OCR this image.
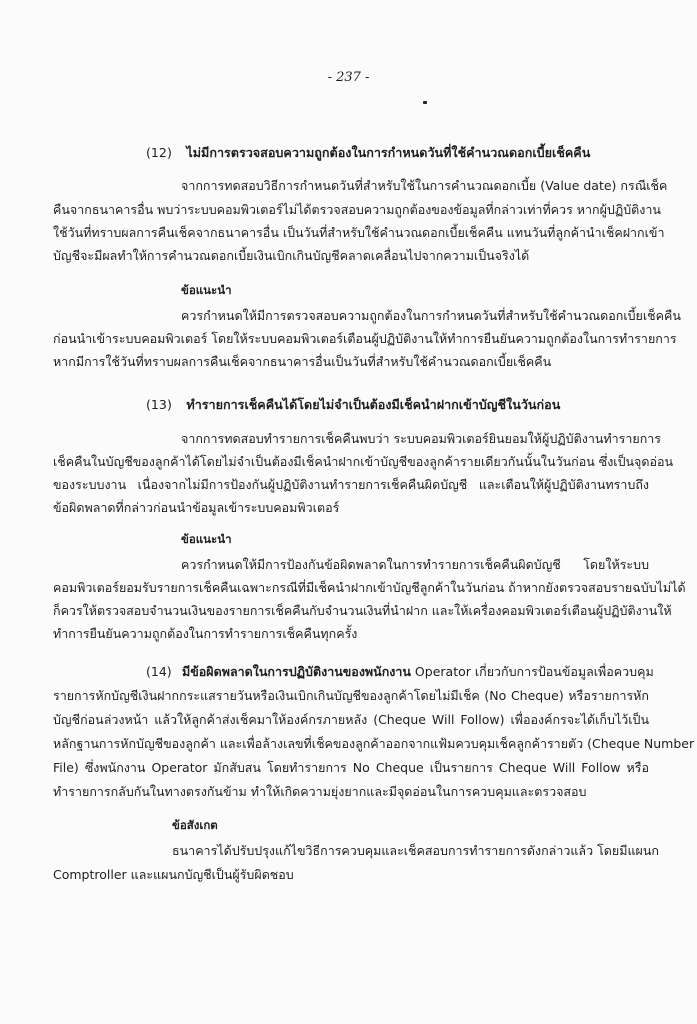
- 237 -
(12) ไม่มีการตรวจสอบความถูกต้องในการกำหนดวันที่ใช้คำนวณดอกเบี้ยเช็คคืน
จากการทดสอบวิธีการกำหนดวันที่สำหรับใช้ในการคำนวณดอกเบี้ย (Value date) กรณีเช็ค
คืนจากธนาคารอื่น พบว่าระบบคอมพิวเตอร์ไม่ได้ตรวจสอบความถูกต้องของข้อมูลที่กล่าวเท่าที่ควร หากผู้ปฏิบัติงาน
ใช้วันที่ทราบผลการคืนเช็คจากธนาคารอื่น เป็นวันที่สำหรับใช้คำนวณดอกเบี้ยเช็คคืน แทนวันที่ลูกค้านำเช็คฝากเข้า
บัญชีจะมีผลทำให้การคำนวณดอกเบี้ยเงินเบิกเกินบัญชีคลาดเคลื่อนไปจากความเป็นจริงได้
ข้อแนะนำ
ควรกำหนดให้มีการตรวจสอบความถูกต้องในการกำหนดวันที่สำหรับใช้คำนวณดอกเบี้ยเช็คคืน
ก่อนนำเข้าระบบคอมพิวเตอร์ โดยให้ระบบคอมพิวเตอร์เตือนผู้ปฏิบัติงานให้ทำการยืนยันความถูกต้องในการทำรายการ
หากมีการใช้วันที่ทราบผลการคืนเช็คจากธนาคารอื่นเป็นวันที่สำหรับใช้คำนวณดอกเบี้ยเช็คคืน
(13) ทำรายการเช็คคืนได้โดยไม่จำเป็นต้องมีเช็คนำฝากเข้าบัญชีในวันก่อน
จากการทดสอบทำรายการเช็คคืนพบว่า ระบบคอมพิวเตอร์ยินยอมให้ผู้ปฏิบัติงานทำรายการ
เช็คคืนในบัญชีของลูกค้าได้โดยไม่จำเป็นต้องมีเช็คนำฝากเข้าบัญชีของลูกค้ารายเดียวกันนั้นในวันก่อน ซึ่งเป็นจุดอ่อน
ของระบบงาน เนื่องจากไม่มีการป้องกันผู้ปฏิบัติงานทำรายการเช็คคืนผิดบัญชี และเตือนให้ผู้ปฏิบัติงานทราบถึง
ข้อผิดพลาดที่กล่าวก่อนนำข้อมูลเข้าระบบคอมพิวเตอร์
ข้อแนะนำ
ควรกำหนดให้มีการป้องกันข้อผิดพลาดในการทำรายการเช็คคืนผิดบัญชี โดยให้ระบบ
คอมพิวเตอร์ยอมรับรายการเช็คคืนเฉพาะกรณีที่มีเช็คนำฝากเข้าบัญชีลูกค้าในวันก่อน ถ้าหากยังตรวจสอบรายฉบับไม่ได้
ก็ควรให้ตรวจสอบจำนวนเงินของรายการเช็คคืนกับจำนวนเงินที่นำฝาก และให้เครื่องคอมพิวเตอร์เตือนผู้ปฏิบัติงานให้
ทำการยืนยันความถูกต้องในการทำรายการเช็คคืนทุกครั้ง
(14) มีข้อผิดพลาดในการปฏิบัติงานของพนักงาน Operator เกี่ยวกับการป้อนข้อมูลเพื่อควบคุม
รายการหักบัญชีเงินฝากกระแสรายวันหรือเงินเบิกเกินบัญชีของลูกค้าโดยไม่มีเช็ค (No Cheque) หรือรายการหัก
บัญชีก่อนล่วงหน้า แล้วให้ลูกค้าส่งเช็คมาให้องค์กรภายหลัง (Cheque Will Follow) เพื่อองค์กรจะได้เก็บไว้เป็น
หลักฐานการหักบัญชีของลูกค้า และเพื่อล้างเลขที่เช็คของลูกค้าออกจากแฟ้มควบคุมเช็คลูกค้ารายตัว (Cheque Number
File) ซึ่งพนักงาน Operator มักสับสน โดยทำรายการ No Cheque เป็นรายการ Cheque Will Follow หรือ
ทำรายการกลับกันในทางตรงกันข้าม ทำให้เกิดความยุ่งยากและมีจุดอ่อนในการควบคุมและตรวจสอบ
ข้อสังเกต
ธนาคารได้ปรับปรุงแก้ไขวิธีการควบคุมและเช็คสอบการทำรายการดังกล่าวแล้ว โดยมีแผนก
Comptroller และแผนกบัญชีเป็นผู้รับผิดชอบ
